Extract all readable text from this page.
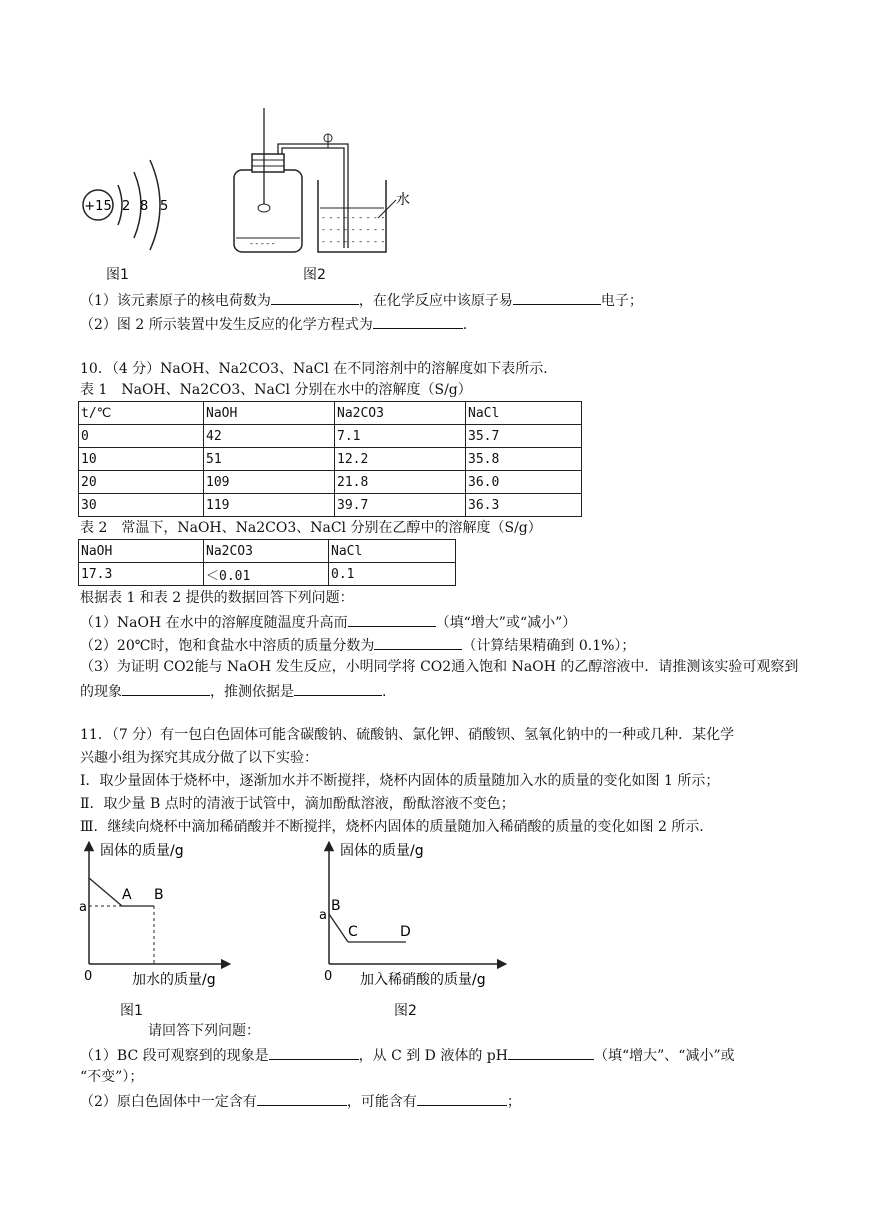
+15 2 8 5
图1
- - - - -
- - - - - - - - -
- - - - - - - - -
- - - - - - - - -
水
图2
（1）该元素原子的核电荷数为	，在化学反应中该原子易	电子；
（2）图 2 所示装置中发生反应的化学方程式为	.
10．（4 分）NaOH、Na2CO3、NaCl 在不同溶剂中的溶解度如下表所示．
表 1　NaOH、Na2CO3、NaCl 分别在水中的溶解度（S/g）
t/℃	NaOH	Na2CO3	NaCl
0	42	7.1	35.7
10	51	12.2	35.8
20	109	21.8	36.0
30	119	39.7	36.3
表 2　常温下，NaOH、Na2CO3、NaCl 分别在乙醇中的溶解度（S/g）
NaOH	Na2CO3	NaCl
17.3	＜0.01	0.1
根据表 1 和表 2 提供的数据回答下列问题：
（1）NaOH 在水中的溶解度随温度升高而	（填“增大”或“减小”）
（2）20℃时，饱和食盐水中溶质的质量分数为	（计算结果精确到 0.1%）；
（3）为证明 CO2能与 NaOH 发生反应，小明同学将 CO2通入饱和 NaOH 的乙醇溶液中．请推测该实验可观察到
的现象	，推测依据是	.
11．（7 分）有一包白色固体可能含碳酸钠、硫酸钠、氯化钾、硝酸钡、氢氧化钠中的一种或几种．某化学
兴趣小组为探究其成分做了以下实验：
Ⅰ．取少量固体于烧杯中，逐渐加水并不断搅拌，烧杯内固体的质量随加入水的质量的变化如图 1 所示；
Ⅱ．取少量 B 点时的清液于试管中，滴加酚酞溶液，酚酞溶液不变色；
Ⅲ．继续向烧杯中滴加稀硝酸并不断搅拌，烧杯内固体的质量随加入稀硝酸的质量的变化如图 2 所示．
固体的质量/g
a
A B
0	加水的质量/g
图1
固体的质量/g
a
B
C	D
0 加入稀硝酸的质量/g
图2
请回答下列问题：
（1）BC 段可观察到的现象是	，从 C 到 D 液体的 pH	（填“增大”、“减小”或
“不变”）；
（2）原白色固体中一定含有	，可能含有	；
